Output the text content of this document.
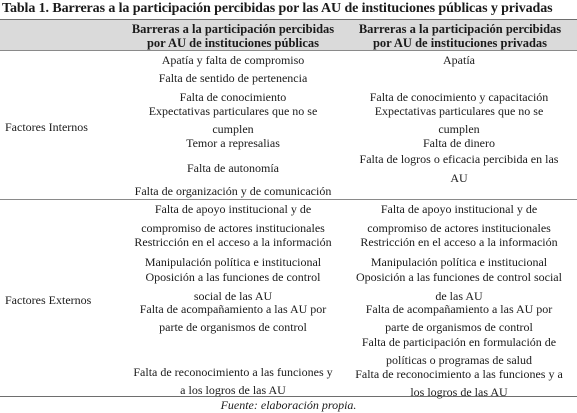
Tabla 1. Barreras a la participación percibidas por las AU de instituciones públicas y privadas
Barreras a la participación percibidas
por AU de instituciones públicas
Barreras a la participación percibidas
por AU de instituciones privadas
Factores Internos
Apatía y falta de compromiso
Falta de sentido de pertenencia
Falta de conocimiento
Expectativas particulares que no se
cumplen
Temor a represalias
Falta de autonomía
Falta de organización y de comunicación
Apatía
Falta de conocimiento y capacitación
Expectativas particulares que no se
cumplen
Falta de dinero
Falta de logros o eficacia percibida en las
AU
Factores Externos
Falta de apoyo institucional y de
compromiso de actores institucionales
Restricción en el acceso a la información
Manipulación política e institucional
Oposición a las funciones de control
social de las AU
Falta de acompañamiento a las AU por
parte de organismos de control
Falta de reconocimiento a las funciones y
a los logros de las AU
Falta de apoyo institucional y de
compromiso de actores institucionales
Restricción en el acceso a la información
Manipulación política e institucional
Oposición a las funciones de control social
de las AU
Falta de acompañamiento a las AU por
parte de organismos de control
Falta de participación en formulación de
políticas o programas de salud
Falta de reconocimiento a las funciones y a
los logros de las AU
Fuente: elaboración propia.
